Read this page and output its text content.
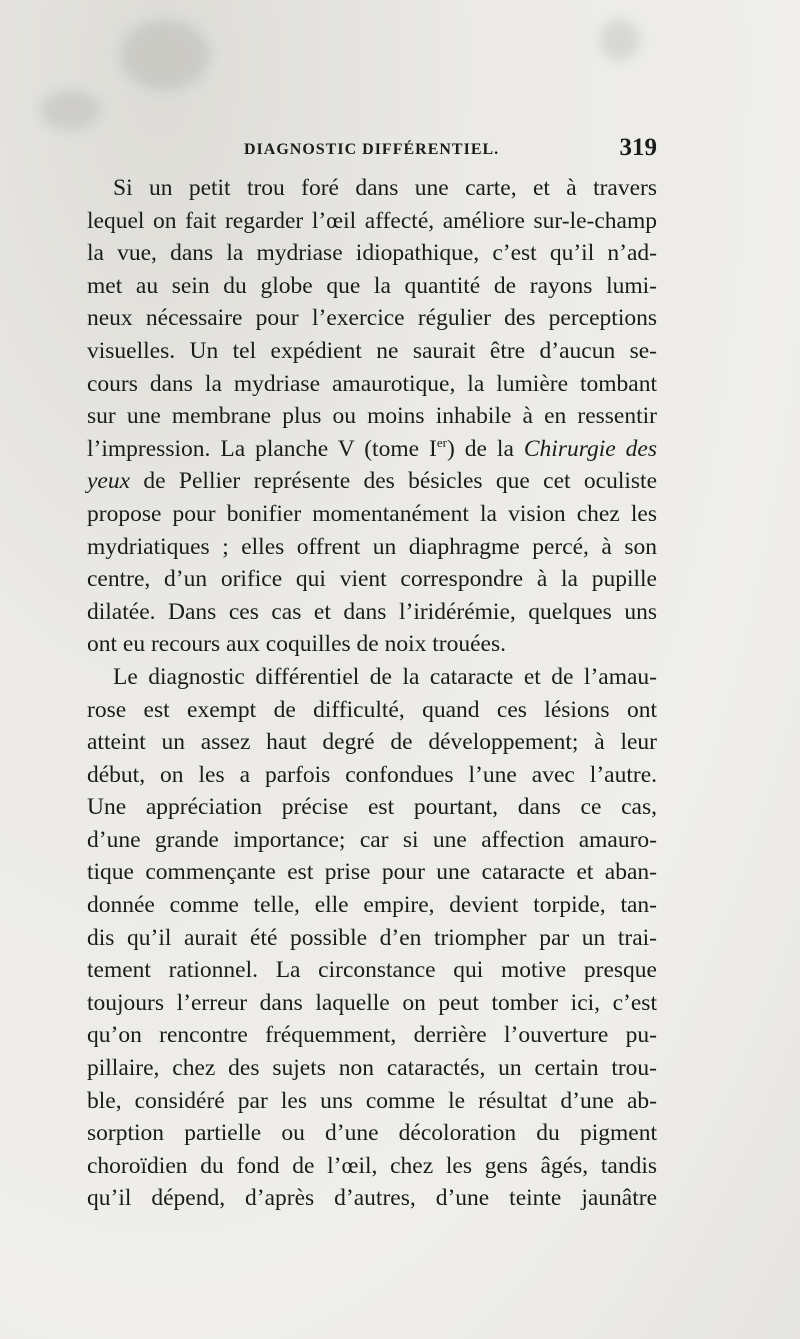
DIAGNOSTIC DIFFÉRENTIEL.	319
Si un petit trou foré dans une carte, et à travers
lequel on fait regarder l’œil affecté, améliore sur-le-champ
la vue, dans la mydriase idiopathique, c’est qu’il n’ad-
met au sein du globe que la quantité de rayons lumi-
neux nécessaire pour l’exercice régulier des perceptions
visuelles. Un tel expédient ne saurait être d’aucun se-
cours dans la mydriase amaurotique, la lumière tombant
sur une membrane plus ou moins inhabile à en ressentir
l’impression. La planche V (tome Ier) de la Chirurgie des
yeux de Pellier représente des bésicles que cet oculiste
propose pour bonifier momentanément la vision chez les
mydriatiques ; elles offrent un diaphragme percé, à son
centre, d’un orifice qui vient correspondre à la pupille
dilatée. Dans ces cas et dans l’iridérémie, quelques uns
ont eu recours aux coquilles de noix trouées.
Le diagnostic différentiel de la cataracte et de l’amau-
rose est exempt de difficulté, quand ces lésions ont
atteint un assez haut degré de développement; à leur
début, on les a parfois confondues l’une avec l’autre.
Une appréciation précise est pourtant, dans ce cas,
d’une grande importance; car si une affection amauro-
tique commençante est prise pour une cataracte et aban-
donnée comme telle, elle empire, devient torpide, tan-
dis qu’il aurait été possible d’en triompher par un trai-
tement rationnel. La circonstance qui motive presque
toujours l’erreur dans laquelle on peut tomber ici, c’est
qu’on rencontre fréquemment, derrière l’ouverture pu-
pillaire, chez des sujets non cataractés, un certain trou-
ble, considéré par les uns comme le résultat d’une ab-
sorption partielle ou d’une décoloration du pigment
choroïdien du fond de l’œil, chez les gens âgés, tandis
qu’il dépend, d’après d’autres, d’une teinte jaunâtre
